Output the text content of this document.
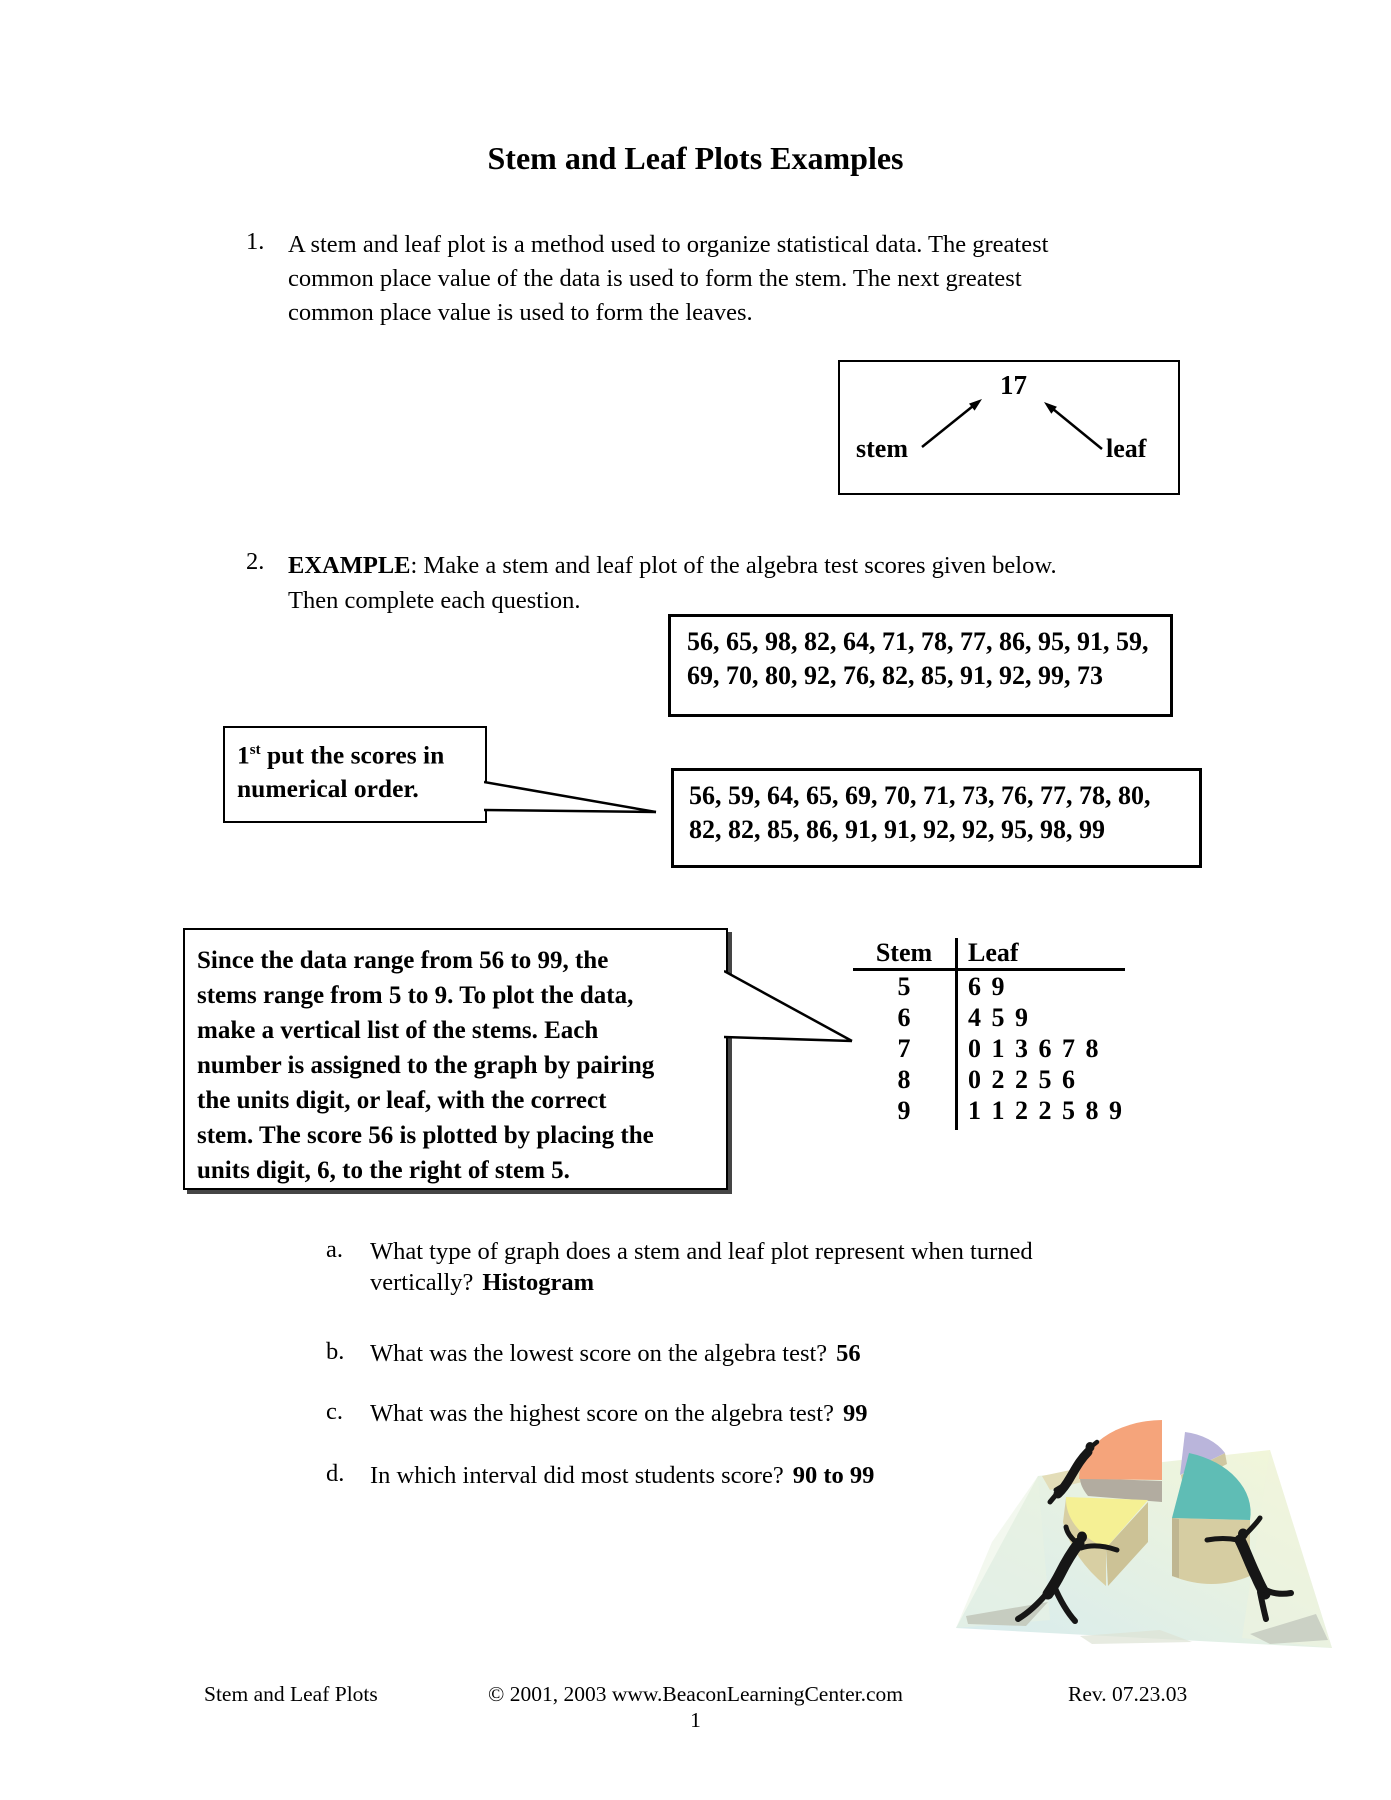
Stem and Leaf Plots Examples
1. A stem and leaf plot is a method used to organize statistical data. The greatest
common place value of the data is used to form the stem. The next greatest
common place value is used to form the leaves.
17
stem	leaf
2. EXAMPLE: Make a stem and leaf plot of the algebra test scores given below.
Then complete each question.
56, 65, 98, 82, 64, 71, 78, 77, 86, 95, 91, 59,
69, 70, 80, 92, 76, 82, 85, 91, 92, 99, 73
1st put the scores in
numerical order.	56, 59, 64, 65, 69, 70, 71, 73, 76, 77, 78, 80,
82, 82, 85, 86, 91, 91, 92, 92, 95, 98, 99
Since the data range from 56 to 99, the
stems range from 5 to 9. To plot the data,
make a vertical list of the stems. Each
number is assigned to the graph by pairing
the units digit, or leaf, with the correct
stem. The score 56 is plotted by placing the
units digit, 6, to the right of stem 5.
Stem	Leaf
5	6 9
6	4 5 9
7	0 1 3 6 7 8
8	0 2 2 5 6
9	1 1 2 2 5 8 9
a.	What type of graph does a stem and leaf plot represent when turned
vertically? Histogram
b.	What was the lowest score on the algebra test? 56
c.	What was the highest score on the algebra test? 99
d.	In which interval did most students score? 90 to 99
Stem and Leaf Plots	© 2001, 2003 www.BeaconLearningCenter.com	Rev. 07.23.03
1
